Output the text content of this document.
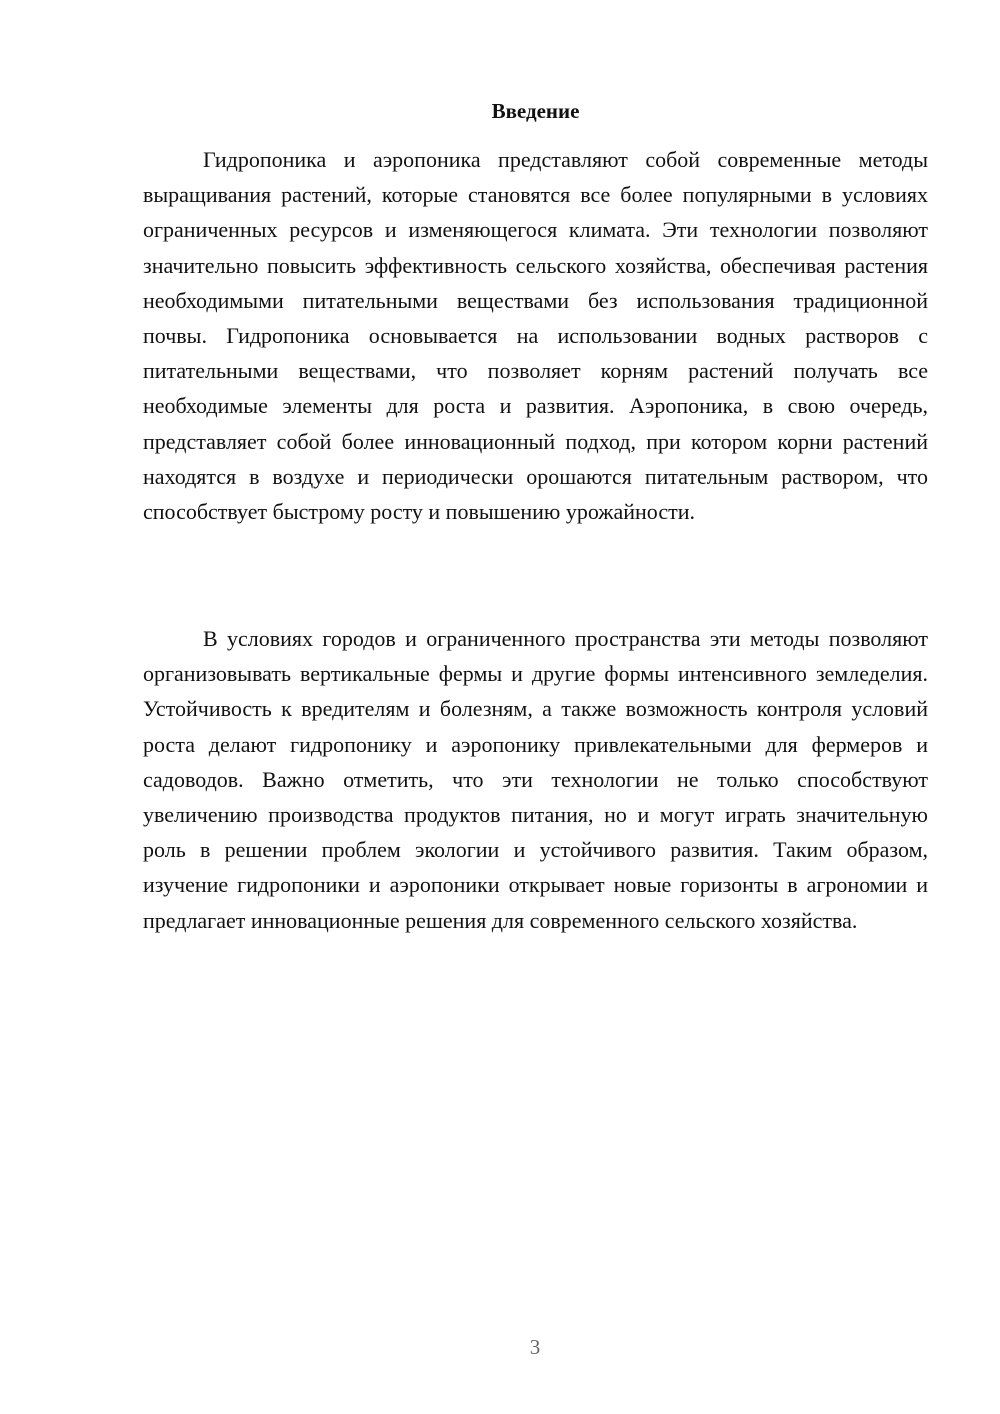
Введение

Гидропоника и аэропоника представляют собой современные методы выращивания растений, которые становятся все более популярными в условиях ограниченных ресурсов и изменяющегося климата. Эти технологии позволяют значительно повысить эффективность сельского хозяйства, обеспечивая растения необходимыми питательными веществами без использования традиционной почвы. Гидропоника основывается на использовании водных растворов с питательными веществами, что позволяет корням растений получать все необходимые элементы для роста и развития. Аэропоника, в свою очередь, представляет собой более инновационный подход, при котором корни растений находятся в воздухе и периодически орошаются питательным раствором, что способствует быстрому росту и повышению урожайности.

В условиях городов и ограниченного пространства эти методы позволяют организовывать вертикальные фермы и другие формы интенсивного земледелия. Устойчивость к вредителям и болезням, а также возможность контроля условий роста делают гидропонику и аэропонику привлекательными для фермеров и садоводов. Важно отметить, что эти технологии не только способствуют увеличению производства продуктов питания, но и могут играть значительную роль в решении проблем экологии и устойчивого развития. Таким образом, изучение гидропоники и аэропоники открывает новые горизонты в агрономии и предлагает инновационные решения для современного сельского хозяйства.

3
